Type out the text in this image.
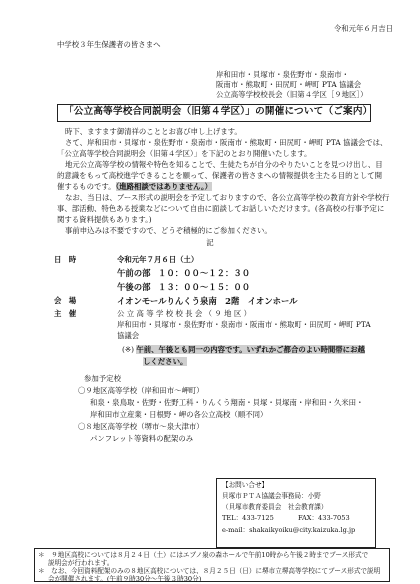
令和元年６月吉日
中学校３年生保護者の皆さまへ
岸和田市・貝塚市・泉佐野市・泉南市・
阪南市・熊取町・田尻町・岬町 PTA 協議会
公立高等学校校長会（旧第４学区［９地区］）
「公立高等学校合同説明会（旧第４学区）」の開催について（ご案内）
時下、ますます御清祥のこととお喜び申し上げます。
さて、岸和田市・貝塚市・泉佐野市・泉南市・阪南市・熊取町・田尻町・岬町 PTA 協議会では、
「公立高等学校合同説明会（旧第４学区）」を下記のとおり開催いたします。
地元公立高等学校の情報や特色を知ることで、生徒たちが自分のやりたいことを見つけ出し、目
的意識をもって高校進学できることを願って、保護者の皆さまへの情報提供を主たる目的として開
催するものです。（進路相談ではありません。）
なお、当日は、ブース形式の説明会を予定しておりますので、各公立高等学校の教育方針や学校行
事、部活動、特色ある授業などについて自由に面談してお話しいただけます。(各高校の行事予定に
関する資料提供もあります。)
事前申込みは不要ですので、どうぞ積極的にご参加ください。
記
日　時	令和元年７月６日（土）
午前の部 １０：００～１２：３０
午後の部 １３：００～１５：００
会　場	イオンモールりんくう泉南　2階　イオンホール
主　催	公 立 高 等 学 校 校 長 会 （ ９ 地 区 ）
岸和田市・貝塚市・泉佐野市・泉南市・阪南市・熊取町・田尻町・岬町 PTA
協議会
(※) 午前、午後とも同一の内容です。いずれかご都合のよい時間帯にお越
しください。
参加予定校
〇９地区高等学校（岸和田市～岬町）
和泉・泉鳥取・佐野・佐野工科・りんくう翔南・貝塚・貝塚南・岸和田・久米田・
岸和田市立産業・日根野・岬の各公立高校（順不同）
〇８地区高等学校（堺市～泉大津市）
パンフレット等資料の配架のみ
【お問い合せ】
貝塚市ＰＴＡ協議会事務局：小野
（貝塚市教育委員会　社会教育課）
TEL：433-7125	FAX：433-7053
e-mail：shakaikyoiku@city.kaizuka.lg.jp
＊　９地区高校については８月２４日（土）にはエブノ泉の森ホールで午前10時から午後２時までブース形式で
説明会が行われます。
＊　なお、今回資料配架のみの８地区高校については、８月２５日（日）に堺市立堺高等学校にてブース形式で説明
会が開催されます。(午前９時30分～午後３時30分)
